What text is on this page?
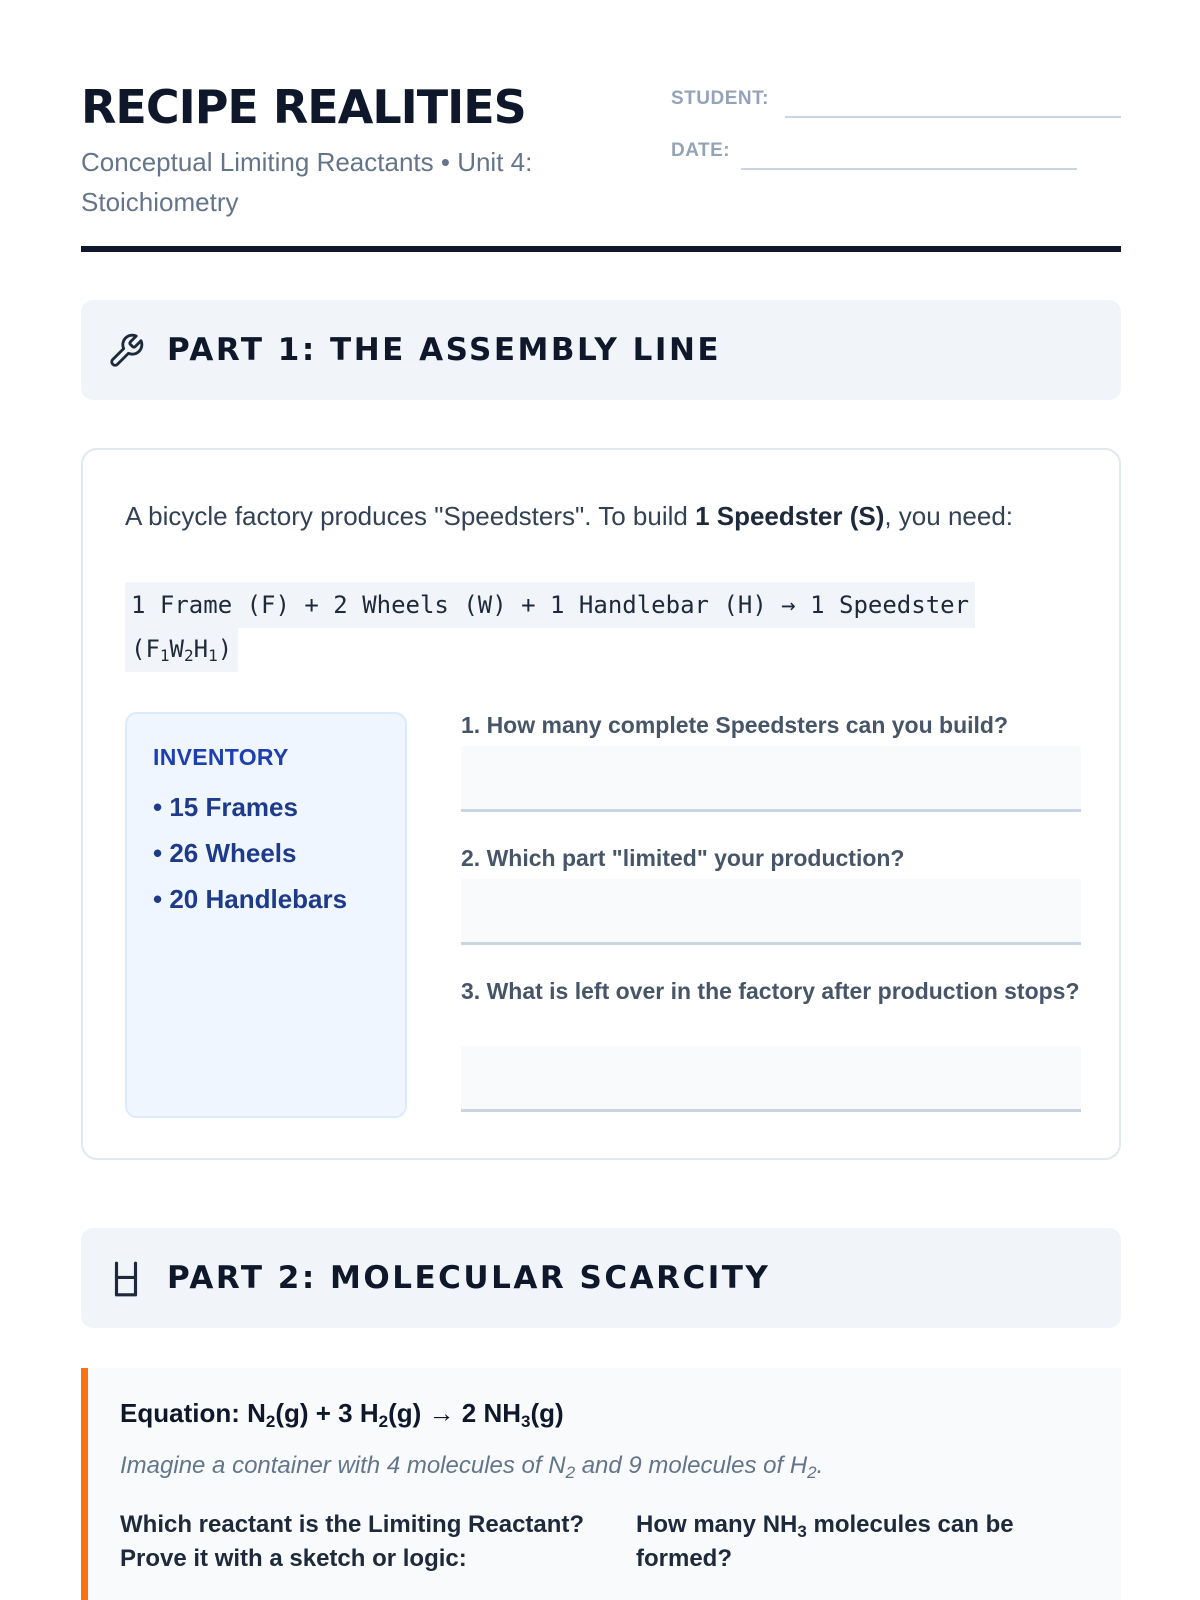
RECIPE REALITIES
Conceptual Limiting Reactants • Unit 4: Stoichiometry
STUDENT:
DATE:
PART 1: THE ASSEMBLY LINE
A bicycle factory produces "Speedsters". To build 1 Speedster (S), you need:
1 Frame (F) + 2 Wheels (W) + 1 Handlebar (H) → 1 Speedster
$(F_1W_2H_1)$
INVENTORY
• 15 Frames
• 26 Wheels
• 20 Handlebars
1. How many complete Speedsters can you build?
2. Which part "limited" your production?
3. What is left over in the factory after production stops?
PART 2: MOLECULAR SCARCITY
Equation: $N_2(g) + 3$ $H_2(g) \to 2$ $NH_3(g)$
Imagine a container with 4 molecules of $N_2$ and 9 molecules of $H_2$.
Which reactant is the Limiting Reactant? Prove it with a sketch or logic:
How many $NH_3$ molecules can be formed?
